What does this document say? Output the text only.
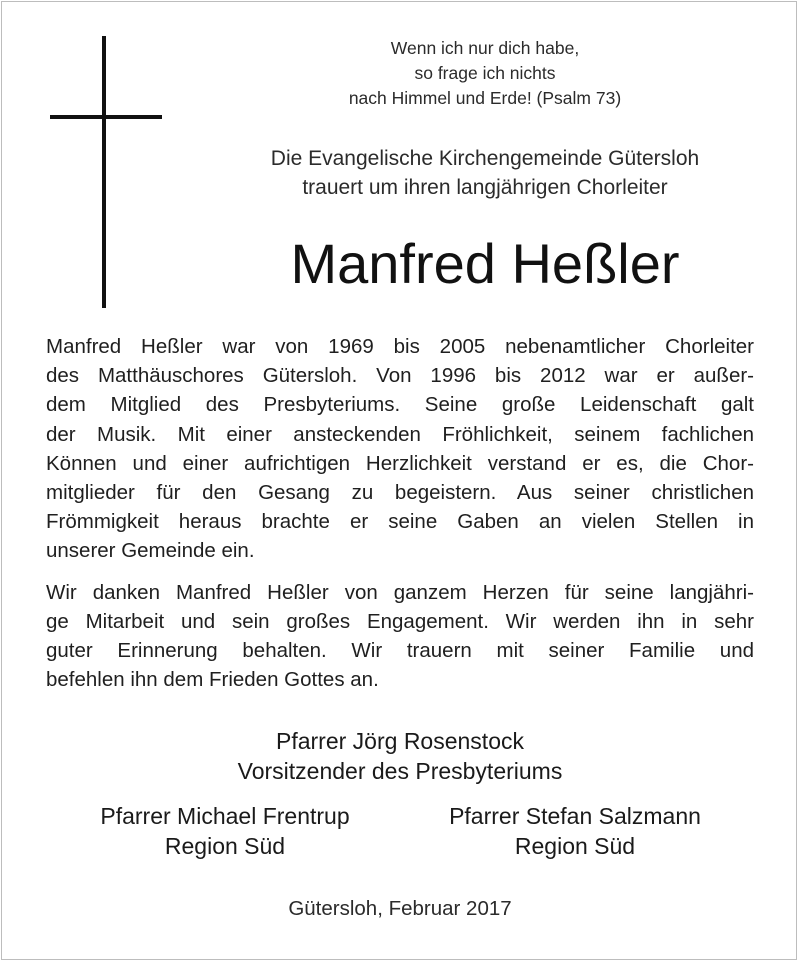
Wenn ich nur dich habe,
so frage ich nichts
nach Himmel und Erde! (Psalm 73)
Die Evangelische Kirchengemeinde Gütersloh
trauert um ihren langjährigen Chorleiter
Manfred Heßler

Manfred Heßler war von 1969 bis 2005 nebenamtlicher Chorleiter
des Matthäuschores Gütersloh. Von 1996 bis 2012 war er außer-
dem Mitglied des Presbyteriums. Seine große Leidenschaft galt
der Musik. Mit einer ansteckenden Fröhlichkeit, seinem fachlichen
Können und einer aufrichtigen Herzlichkeit verstand er es, die Chor-
mitglieder für den Gesang zu begeistern. Aus seiner christlichen
Frömmigkeit heraus brachte er seine Gaben an vielen Stellen in
unserer Gemeinde ein.

Wir danken Manfred Heßler von ganzem Herzen für seine langjähri-
ge Mitarbeit und sein großes Engagement. Wir werden ihn in sehr
guter Erinnerung behalten. Wir trauern mit seiner Familie und
befehlen ihn dem Frieden Gottes an.

Pfarrer Jörg Rosenstock
Vorsitzender des Presbyteriums
Pfarrer Michael Frentrup
Region Süd
Pfarrer Stefan Salzmann
Region Süd
Gütersloh, Februar 2017
